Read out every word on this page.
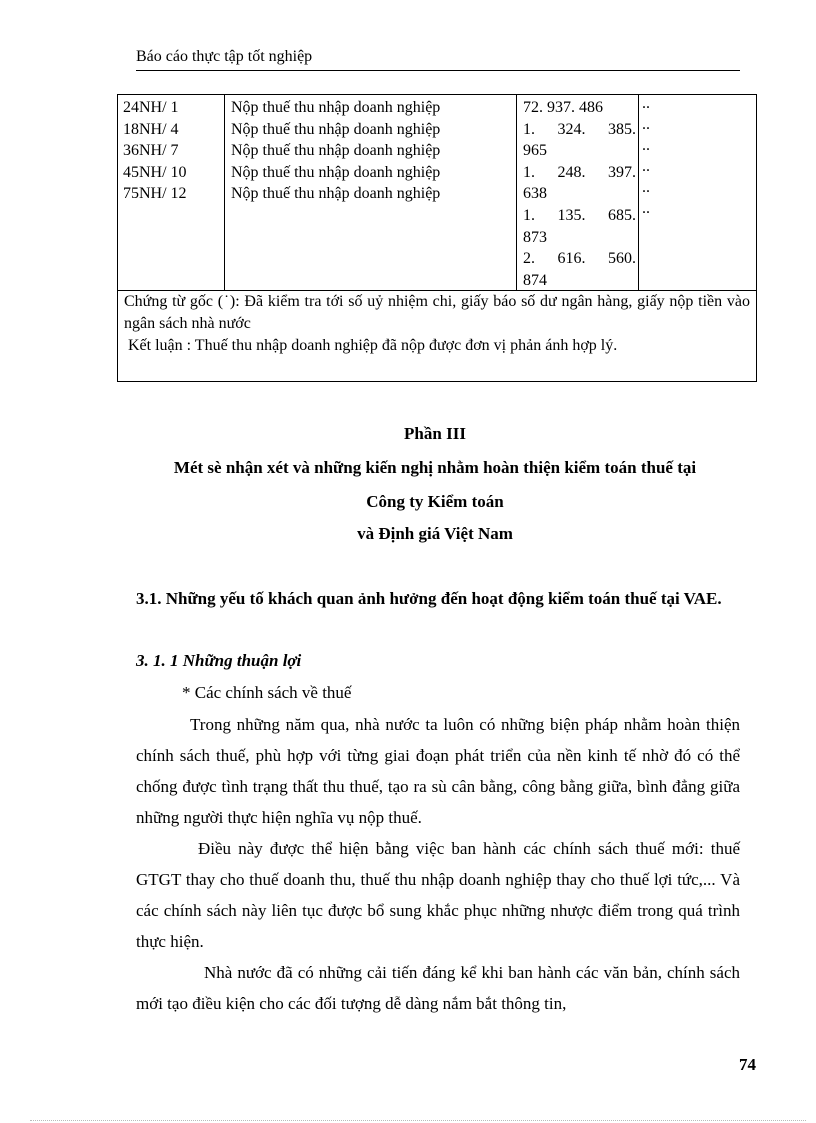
Báo cáo thực tập tốt nghiệp
24NH/ 1
18NH/ 4
36NH/ 7
45NH/ 10
75NH/ 12
Nộp thuế thu nhập doanh nghiệp
Nộp thuế thu nhập doanh nghiệp
Nộp thuế thu nhập doanh nghiệp
Nộp thuế thu nhập doanh nghiệp
Nộp thuế thu nhập doanh nghiệp
72. 937. 486
1. 324. 385.
965
1. 248. 397.
638
1. 135. 685.
873
2. 616. 560.
874
..
..
..
..
..
..

Chứng từ gốc (˙): Đã kiểm tra tới số uỷ nhiệm chi, giấy báo số dư ngân hàng, giấy nộp tiền vào ngân sách nhà nước

Kết luận : Thuế thu nhập doanh nghiệp đã nộp được đơn vị phản ánh hợp lý.

Phần III
Mét sè nhận xét và những kiến nghị nhằm hoàn thiện kiểm toán thuế tại
Công ty Kiểm toán
và Định giá Việt Nam
3.1. Những yếu tố khách quan ảnh hưởng đến hoạt động kiểm toán thuế tại VAE.
3. 1. 1 Những thuận lợi
* Các chính sách về thuế

Trong những năm qua, nhà nước ta luôn có những biện pháp nhằm hoàn thiện chính sách thuế, phù hợp với từng giai đoạn phát triển của nền kinh tế nhờ đó có thể chống được tình trạng thất thu thuế, tạo ra sù cân bằng, công bằng giữa, bình đẳng giữa những người thực hiện nghĩa vụ nộp thuế.

Điều này được thể hiện bằng việc ban hành các chính sách thuế mới: thuế GTGT thay cho thuế doanh thu, thuế thu nhập doanh nghiệp thay cho thuế lợi tức,... Và các chính sách này liên tục được bổ sung khắc phục những nhược điểm trong quá trình thực hiện.

Nhà nước đã có những cải tiến đáng kể khi ban hành các văn bản, chính sách mới tạo điều kiện cho các đối tượng dễ dàng nắm bắt thông tin,

74
